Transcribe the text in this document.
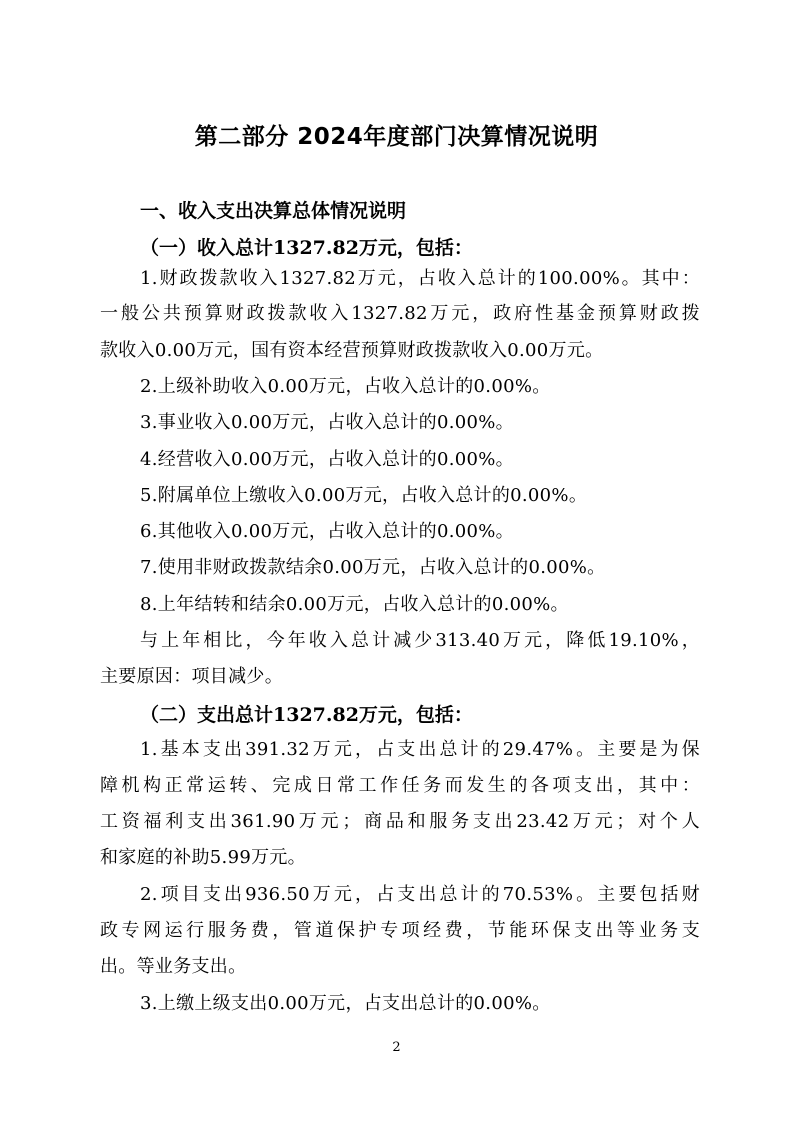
第二部分 2024年度部门决算情况说明
一、收入支出决算总体情况说明
（一）收入总计1327.82万元，包括：
1.财政拨款收入1327.82万元，占收入总计的100.00%。其中：
一般公共预算财政拨款收入1327.82万元，政府性基金预算财政拨
款收入0.00万元，国有资本经营预算财政拨款收入0.00万元。
2.上级补助收入0.00万元，占收入总计的0.00%。
3.事业收入0.00万元，占收入总计的0.00%。
4.经营收入0.00万元，占收入总计的0.00%。
5.附属单位上缴收入0.00万元，占收入总计的0.00%。
6.其他收入0.00万元，占收入总计的0.00%。
7.使用非财政拨款结余0.00万元，占收入总计的0.00%。
8.上年结转和结余0.00万元，占收入总计的0.00%。
与上年相比，今年收入总计减少313.40万元，降低19.10%，
主要原因：项目减少。
（二）支出总计1327.82万元，包括：
1.基本支出391.32万元，占支出总计的29.47%。主要是为保
障机构正常运转、完成日常工作任务而发生的各项支出，其中：
工资福利支出361.90万元；商品和服务支出23.42万元；对个人
和家庭的补助5.99万元。
2.项目支出936.50万元，占支出总计的70.53%。主要包括财
政专网运行服务费，管道保护专项经费，节能环保支出等业务支
出。等业务支出。
3.上缴上级支出0.00万元，占支出总计的0.00%。
2
